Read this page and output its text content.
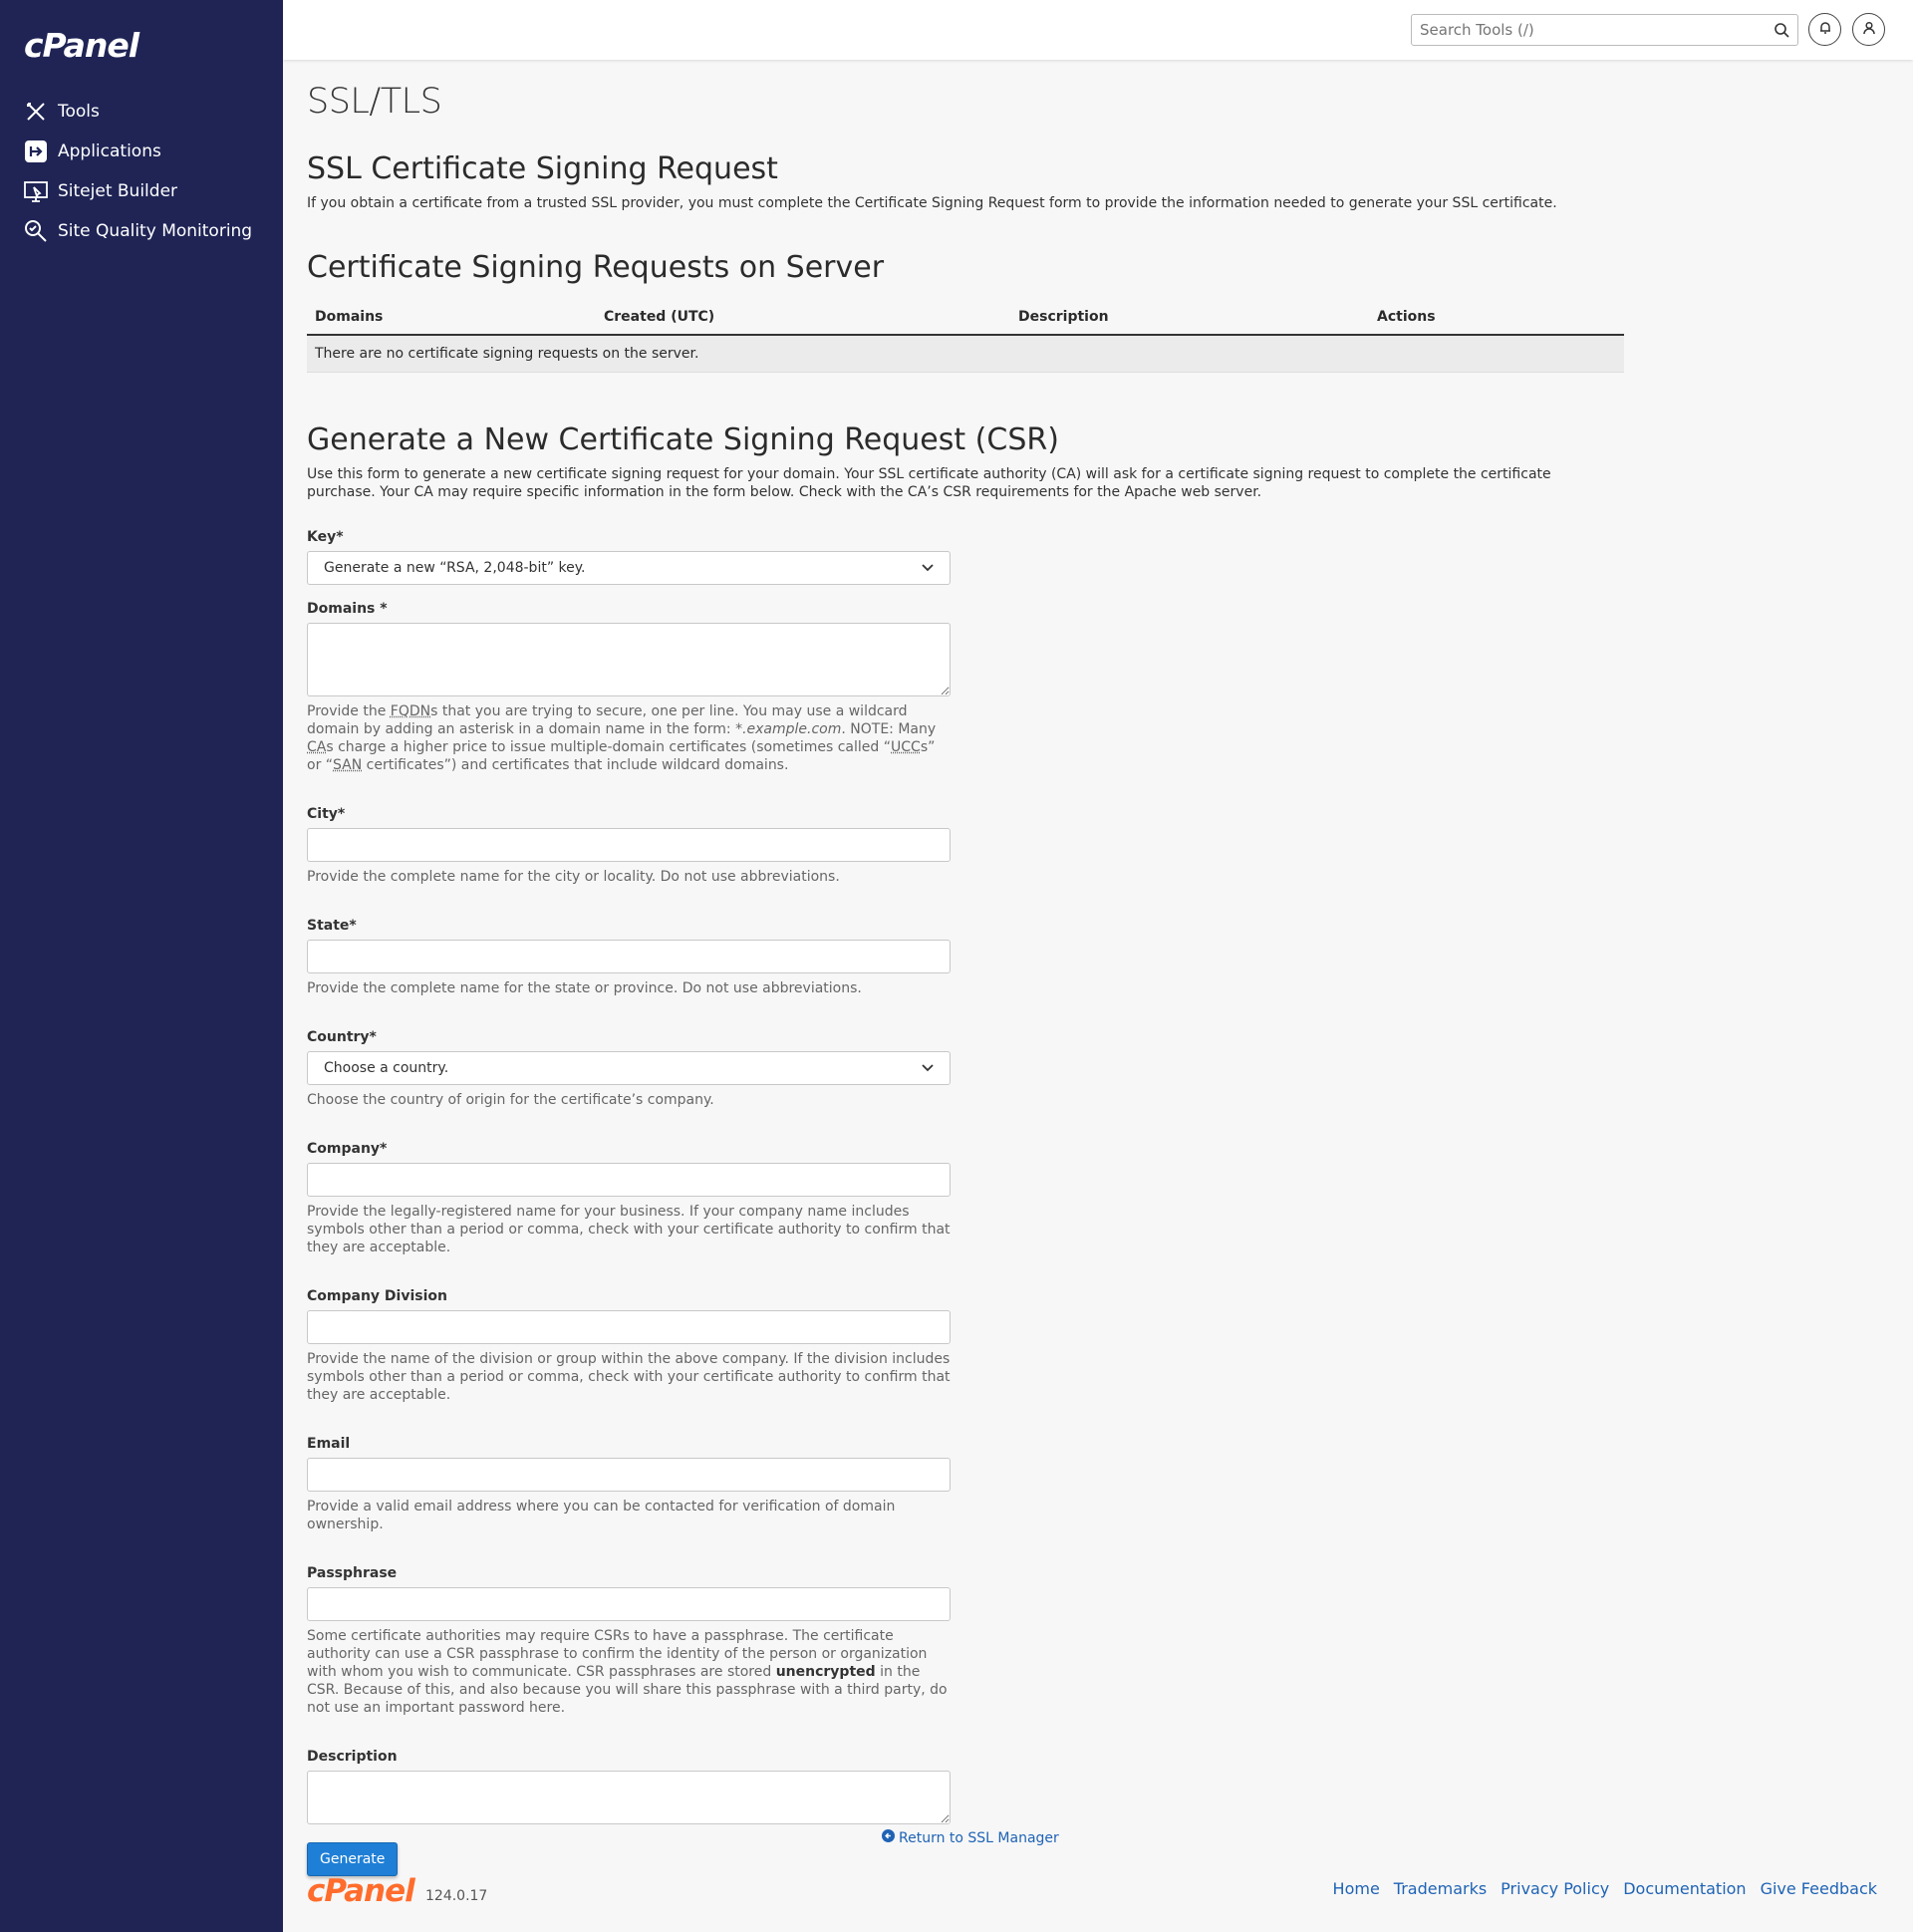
cPanel
Tools
Applications
Sitejet Builder
Site Quality Monitoring
Search Tools (/)
SSL/TLS
SSL Certificate Signing Request
If you obtain a certificate from a trusted SSL provider, you must complete the Certificate Signing Request form to provide the information needed to generate your SSL certificate.
Certificate Signing Requests on Server
Domains	Created (UTC)	Description	Actions
There are no certificate signing requests on the server.
Generate a New Certificate Signing Request (CSR)
Use this form to generate a new certificate signing request for your domain. Your SSL certificate authority (CA) will ask for a certificate signing request to complete the certificate purchase. Your CA may require specific information in the form below. Check with the CA’s CSR requirements for the Apache web server.
Key*
Generate a new “RSA, 2,048-bit” key.
Domains *
Provide the FQDNs that you are trying to secure, one per line. You may use a wildcard domain by adding an asterisk in a domain name in the form: *.example.com. NOTE: Many CAs charge a higher price to issue multiple-domain certificates (sometimes called “UCCs” or “SAN certificates”) and certificates that include wildcard domains.
City*
Provide the complete name for the city or locality. Do not use abbreviations.
State*
Provide the complete name for the state or province. Do not use abbreviations.
Country*
Choose a country.
Choose the country of origin for the certificate’s company.
Company*
Provide the legally-registered name for your business. If your company name includes symbols other than a period or comma, check with your certificate authority to confirm that they are acceptable.
Company Division
Provide the name of the division or group within the above company. If the division includes symbols other than a period or comma, check with your certificate authority to confirm that they are acceptable.
Email
Provide a valid email address where you can be contacted for verification of domain ownership.
Passphrase
Some certificate authorities may require CSRs to have a passphrase. The certificate authority can use a CSR passphrase to confirm the identity of the person or organization with whom you wish to communicate. CSR passphrases are stored unencrypted in the CSR. Because of this, and also because you will share this passphrase with a third party, do not use an important password here.
Description
Generate
Return to SSL Manager
cPanel 124.0.17	Home Trademarks Privacy Policy Documentation Give Feedback
